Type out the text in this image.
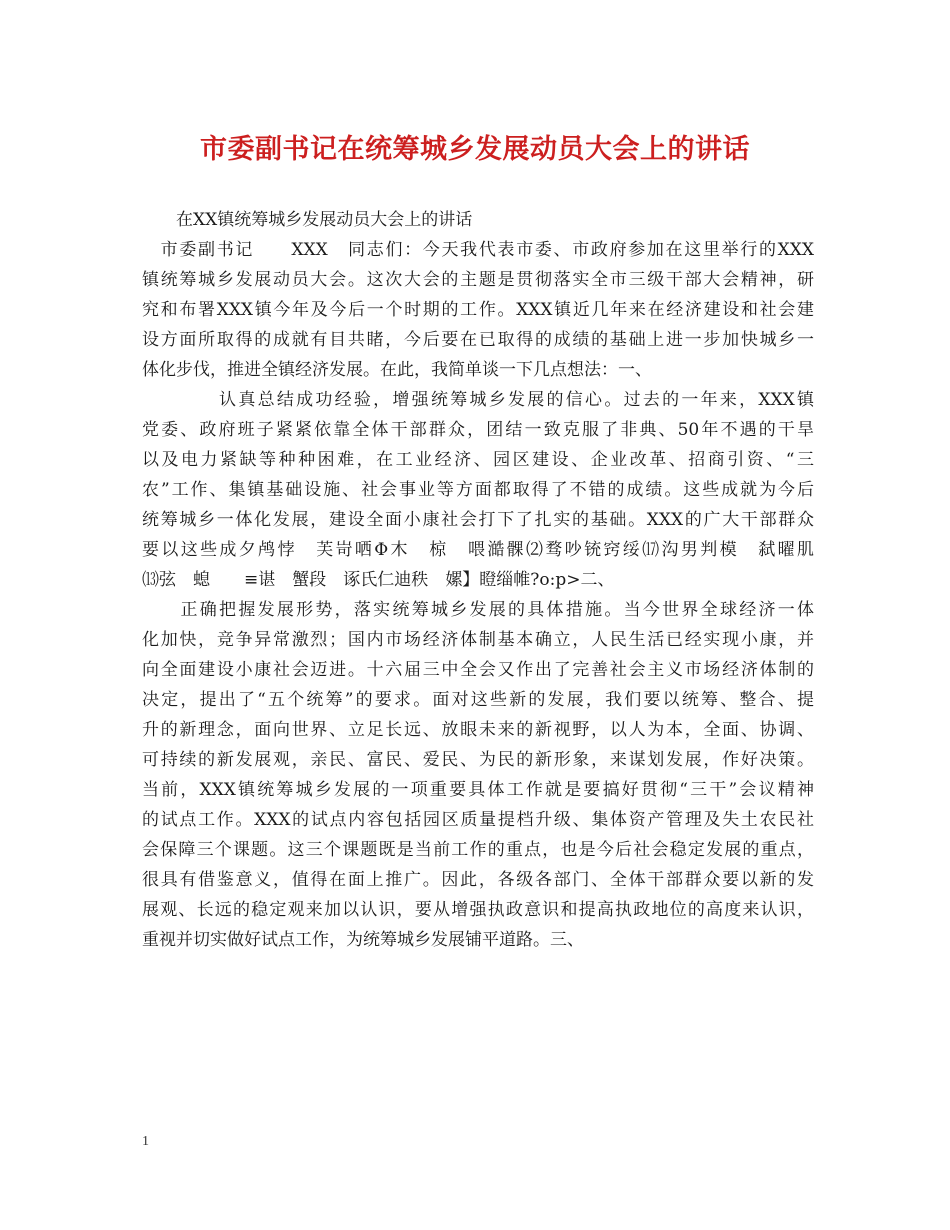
市委副书记在统筹城乡发展动员大会上的讲话
　　在XX镇统筹城乡发展动员大会上的讲话
　市委副书记　　XXX　同志们：今天我代表市委、市政府参加在这里举行的XXX
镇统筹城乡发展动员大会。这次大会的主题是贯彻落实全市三级干部大会精神，研
究和布署XXX镇今年及今后一个时期的工作。XXX镇近几年来在经济建设和社会建
设方面所取得的成就有目共睹，今后要在已取得的成绩的基础上进一步加快城乡一
体化步伐，推进全镇经济发展。在此，我简单谈一下几点想法：一、
　　　　认真总结成功经验，增强统筹城乡发展的信心。过去的一年来，XXX镇
党委、政府班子紧紧依靠全体干部群众，团结一致克服了非典、50年不遇的干旱
以及电力紧缺等种种困难，在工业经济、园区建设、企业改革、招商引资、“三
农”工作、集镇基础设施、社会事业等方面都取得了不错的成绩。这些成就为今后
统筹城乡一体化发展，建设全面小康社会打下了扎实的基础。XXX的广大干部群众
要以这些成夕鸬悖　芙岢哂Φ木　椋　喂澔髁⑵骛吵铳窍绥⒄沟男判模　弑曜肌
⒀弦　螅　　≡谌　蟹段　诼氏仁迪秩　嫘】瞪缁帷?o:p>二、
　　正确把握发展形势，落实统筹城乡发展的具体措施。当今世界全球经济一体
化加快，竞争异常激烈；国内市场经济体制基本确立，人民生活已经实现小康，并
向全面建设小康社会迈进。十六届三中全会又作出了完善社会主义市场经济体制的
决定，提出了“五个统筹”的要求。面对这些新的发展，我们要以统筹、整合、提
升的新理念，面向世界、立足长远、放眼未来的新视野，以人为本，全面、协调、
可持续的新发展观，亲民、富民、爱民、为民的新形象，来谋划发展，作好决策。
当前，XXX镇统筹城乡发展的一项重要具体工作就是要搞好贯彻“三干”会议精神
的试点工作。XXX的试点内容包括园区质量提档升级、集体资产管理及失土农民社
会保障三个课题。这三个课题既是当前工作的重点，也是今后社会稳定发展的重点，
很具有借鉴意义，值得在面上推广。因此，各级各部门、全体干部群众要以新的发
展观、长远的稳定观来加以认识，要从增强执政意识和提高执政地位的高度来认识，
重视并切实做好试点工作，为统筹城乡发展铺平道路。三、
1
